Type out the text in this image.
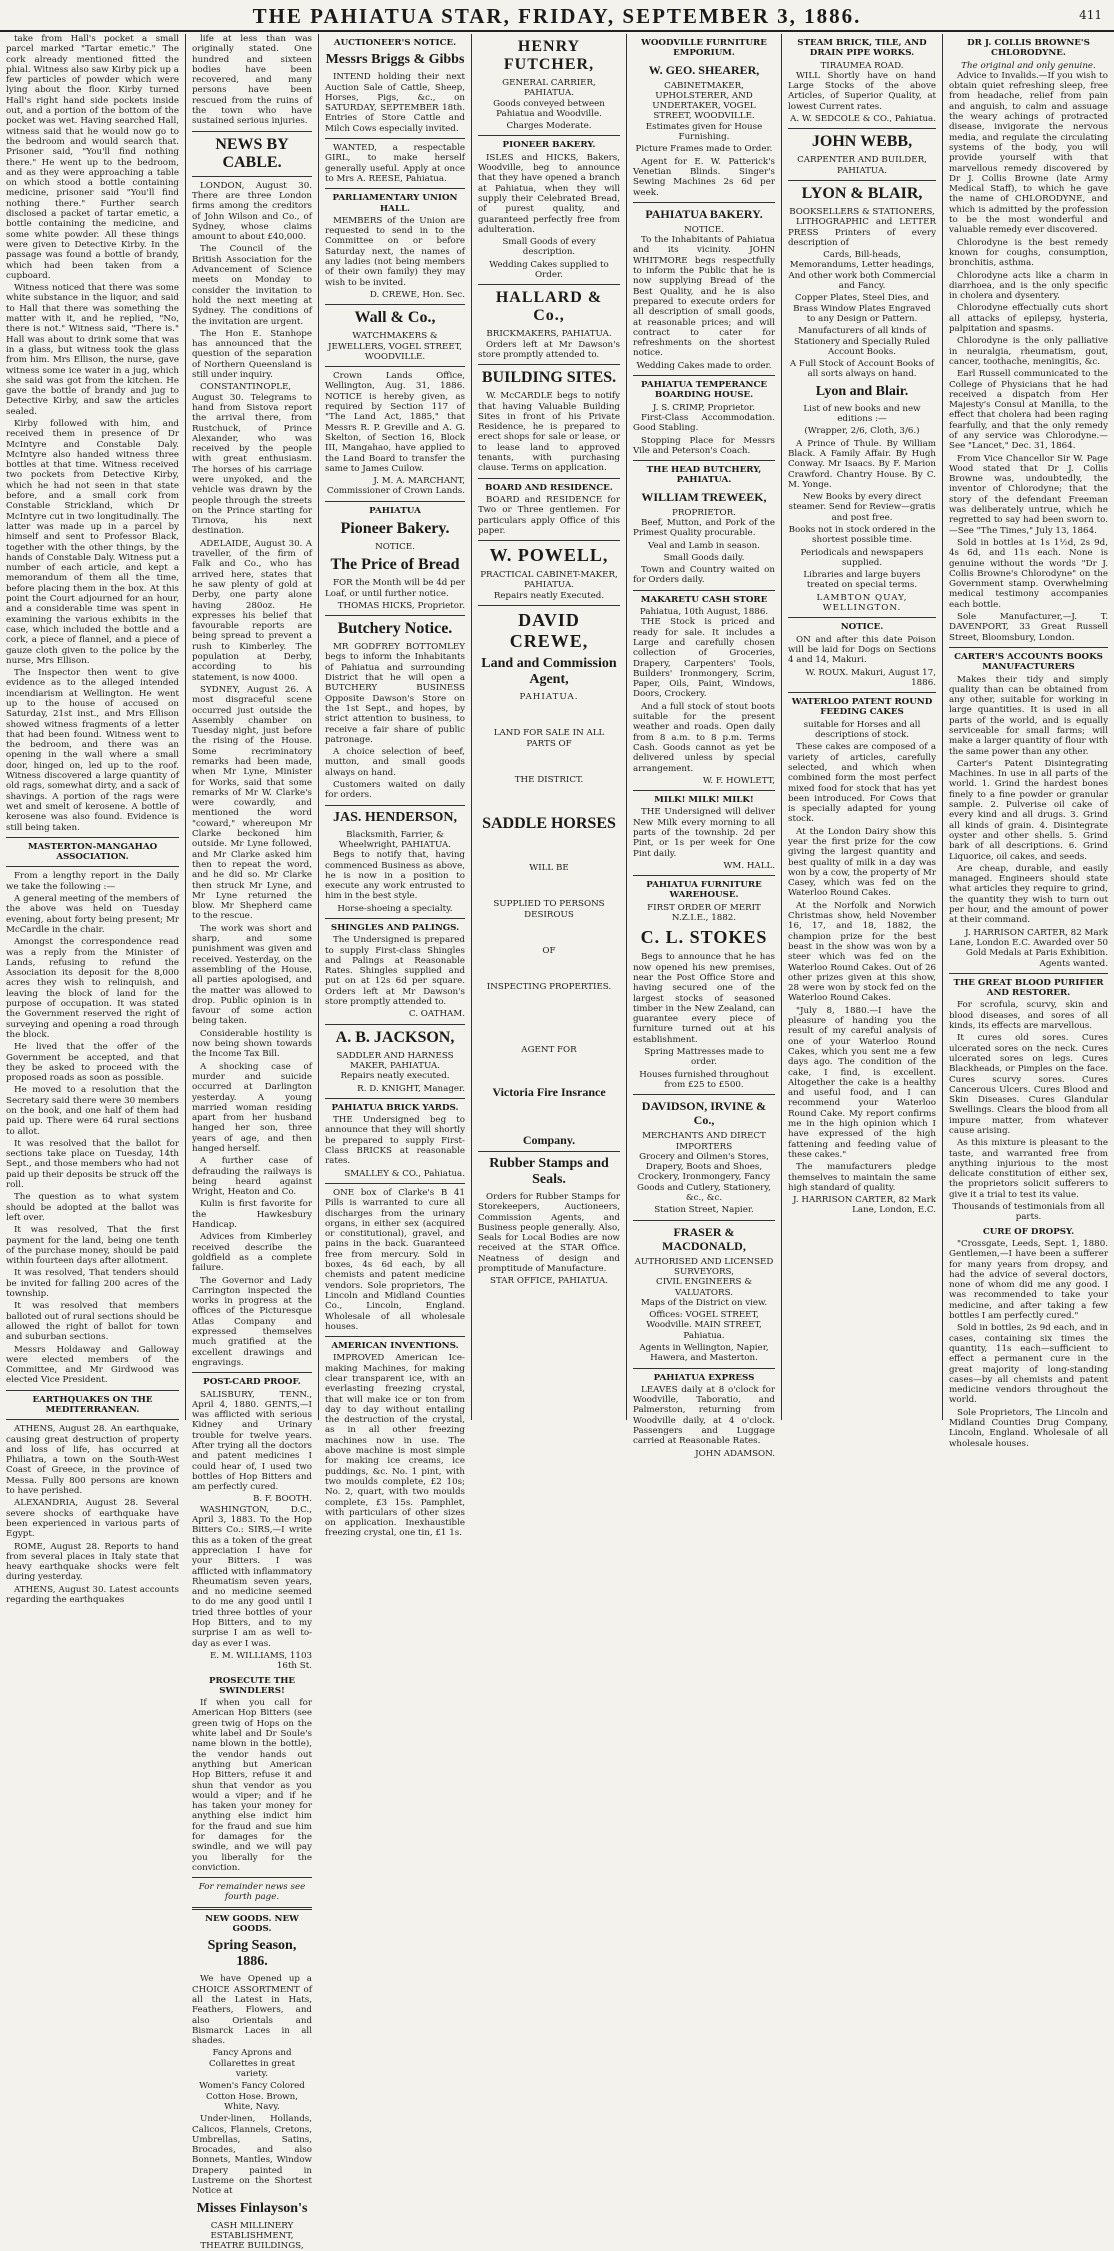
THE PAHIATUA STAR, FRIDAY, SEPTEMBER 3, 1886.	411

take from Hall's pocket a small parcel marked "Tartar emetic." The cork already mentioned fitted the phial. Witness also saw Kirby pick up a few particles of powder which were lying about the floor. Kirby turned Hall's right hand side pockets inside out, and a portion of the bottom of the pocket was wet. Having searched Hall, witness said that he would now go to the bedroom and would search that. Prisoner said, "You'll find nothing there." He went up to the bedroom, and as they were approaching a table on which stood a bottle containing medicine, prisoner said "You'll find nothing there." Further search disclosed a packet of tartar emetic, a bottle containing the medicine, and some white powder. All these things were given to Detective Kirby. In the passage was found a bottle of brandy, which had been taken from a cupboard.

Witness noticed that there was some white substance in the liquor, and said to Hall that there was something the matter with it, and he replied, "No, there is not." Witness said, "There is." Hall was about to drink some that was in a glass, but witness took the glass from him. Mrs Ellison, the nurse, gave witness some ice water in a jug, which she said was got from the kitchen. He gave the bottle of brandy and jug to Detective Kirby, and saw the articles sealed.

Kirby followed with him, and received them in presence of Dr McIntyre and Constable Daly. McIntyre also handed witness three bottles at that time. Witness received two pockets from Detective Kirby, which he had not seen in that state before, and a small cork from Constable Strickland, which Dr McIntyre cut in two longitudinally. The latter was made up in a parcel by himself and sent to Professor Black, together with the other things, by the hands of Constable Daly. Witness put a number of each article, and kept a memorandum of them all the time, before placing them in the box. At this point the Court adjourned for an hour, and a considerable time was spent in examining the various exhibits in the case, which included the bottle and a cork, a piece of flannel, and a piece of gauze cloth given to the police by the nurse, Mrs Ellison.

The Inspector then went to give evidence as to the alleged intended incendiarism at Wellington. He went up to the house of accused on Saturday, 21st inst., and Mrs Ellison showed witness fragments of a letter that had been found. Witness went to the bedroom, and there was an opening in the wall where a small door, hinged on, led up to the roof. Witness discovered a large quantity of old rags, somewhat dirty, and a sack of shavings. A portion of the rags were wet and smelt of kerosene. A bottle of kerosene was also found. Evidence is still being taken.

MASTERTON-MANGAHAO ASSOCIATION.

From a lengthy report in the Daily we take the following :—

A general meeting of the members of the above was held on Tuesday evening, about forty being present; Mr McCardle in the chair.

Amongst the correspondence read was a reply from the Minister of Lands, refusing to refund the Association its deposit for the 8,000 acres they wish to relinquish, and leaving the block of land for the purpose of occupation. It was stated the Government reserved the right of surveying and opening a road through the block.

He lived that the offer of the Government be accepted, and that they be asked to proceed with the proposed roads as soon as possible.

He moved to a resolution that the Secretary said there were 30 members on the book, and one half of them had paid up. There were 64 rural sections to allot.

It was resolved that the ballot for sections take place on Tuesday, 14th Sept., and those members who had not paid up their deposits be struck off the roll.

The question as to what system should be adopted at the ballot was left over.

It was resolved, That the first payment for the land, being one tenth of the purchase money, should be paid within fourteen days after allotment.

It was resolved, That tenders should be invited for falling 200 acres of the township.

It was resolved that members balloted out of rural sections should be allowed the right of ballot for town and suburban sections.

Messrs Holdaway and Galloway were elected members of the Committee, and Mr Girdwood was elected Vice President.

EARTHQUAKES ON THE MEDITERRANEAN.

ATHENS, August 28. An earthquake, causing great destruction of property and loss of life, has occurred at Philiatra, a town on the South-West Coast of Greece, in the province of Messa. Fully 800 persons are known to have perished.

ALEXANDRIA, August 28. Several severe shocks of earthquake have been experienced in various parts of Egypt.

ROME, August 28. Reports to hand from several places in Italy state that heavy earthquake shocks were felt during yesterday.

ATHENS, August 30. Latest accounts regarding the earthquakes

life at less than was originally stated. One hundred and sixteen bodies have been recovered, and many persons have been rescued from the ruins of the town who have sustained serious injuries.

NEWS BY CABLE.

LONDON, August 30. There are three London firms among the creditors of John Wilson and Co., of Sydney, whose claims amount to about £40,000.

The Council of the British Association for the Advancement of Science meets on Monday to consider the invitation to hold the next meeting at Sydney. The conditions of the invitation are urgent.

The Hon E. Stanhope has announced that the question of the separation of Northern Queensland is still under inquiry.

CONSTANTINOPLE, August 30. Telegrams to hand from Sistova report the arrival there, from Rustchuck, of Prince Alexander, who was received by the people with great enthusiasm. The horses of his carriage were unyoked, and the vehicle was drawn by the people through the streets on the Prince starting for Tirnova, his next destination.

ADELAIDE, August 30. A traveller, of the firm of Falk and Co., who has arrived here, states that he saw plenty of gold at Derby, one party alone having 280oz. He expresses his belief that favourable reports are being spread to prevent a rush to Kimberley. The population at Derby, according to his statement, is now 4000.

SYDNEY, August 26. A most disgraceful scene occurred just outside the Assembly chamber on Tuesday night, just before the rising of the House. Some recriminatory remarks had been made, when Mr Lyne, Minister for Works, said that some remarks of Mr W. Clarke's were cowardly, and mentioned the word "coward," whereupon Mr Clarke beckoned him outside. Mr Lyne followed, and Mr Clarke asked him then to repeat the word, and he did so. Mr Clarke then struck Mr Lyne, and Mr Lyne returned the blow. Mr Shepherd came to the rescue.

The work was short and sharp, and some punishment was given and received. Yesterday, on the assembling of the House, all parties apologised, and the matter was allowed to drop. Public opinion is in favour of some action being taken.

Considerable hostility is now being shown towards the Income Tax Bill.

A shocking case of murder and suicide occurred at Darlington yesterday. A young married woman residing apart from her husband hanged her son, three years of age, and then hanged herself.

A further case of defrauding the railways is being heard against Wright, Heaton and Co.

Kulin is first favorite for the Hawkesbury Handicap.

Advices from Kimberley received describe the goldfield as a complete failure.

The Governor and Lady Carrington inspected the works in progress at the offices of the Picturesque Atlas Company and expressed themselves much gratified at the excellent drawings and engravings.

POST-CARD PROOF.

SALISBURY, TENN., April 4, 1880. GENTS,—I was afflicted with serious Kidney and Urinary trouble for twelve years. After trying all the doctors and patent medicines I could hear of, I used two bottles of Hop Bitters and am perfectly cured.

B. F. BOOTH.

WASHINGTON, D.C., April 3, 1883. To the Hop Bitters Co.: SIRS,—I write this as a token of the great appreciation I have for your Bitters. I was afflicted with inflammatory Rheumatism seven years, and no medicine seemed to do me any good until I tried three bottles of your Hop Bitters, and to my surprise I am as well to-day as ever I was.

E. M. WILLIAMS, 1103 16th St.
PROSECUTE THE SWINDLERS!

If when you call for American Hop Bitters (see green twig of Hops on the white label and Dr Soule's name blown in the bottle), the vendor hands out anything but American Hop Bitters, refuse it and shun that vendor as you would a viper; and if he has taken your money for anything else indict him for the fraud and sue him for damages for the swindle, and we will pay you liberally for the conviction.

For remainder news see fourth page.
NEW GOODS. NEW GOODS.
Spring Season, 1886.

We have Opened up a CHOICE ASSORTMENT of all the Latest in Hats, Feathers, Flowers, and also Orientals and Bismarck Laces in all shades.

Fancy Aprons and Collarettes in great variety.

Women's Fancy Colored Cotton Hose. Brown, White, Navy.

Under-linen, Hollands, Calicos, Flannels, Cretons, Umbrellas, Satins, Brocades, and also Bonnets, Mantles, Window Drapery painted in Lustreme on the Shortest Notice at

Misses Finlayson's
CASH MILLINERY ESTABLISHMENT, THEATRE BUILDINGS,
AUCTIONEER'S NOTICE.
Messrs Briggs & Gibbs

INTEND holding their next Auction Sale of Cattle, Sheep, Horses, Pigs, &c., on SATURDAY, SEPTEMBER 18th. Entries of Store Cattle and Milch Cows especially invited.

WANTED, a respectable GIRL, to make herself generally useful. Apply at once to Mrs A. REESE, Pahiatua.

PARLIAMENTARY UNION HALL.

MEMBERS of the Union are requested to send in to the Committee on or before Saturday next, the names of any ladies (not being members of their own family) they may wish to be invited.

D. CREWE, Hon. Sec.
Wall & Co.,
WATCHMAKERS & JEWELLERS, VOGEL STREET, WOODVILLE.

Crown Lands Office, Wellington, Aug. 31, 1886. NOTICE is hereby given, as required by Section 117 of "The Land Act, 1885," that Messrs R. P. Greville and A. G. Skelton, of Section 16, Block III, Mangahao, have applied to the Land Board to transfer the same to James Cuilow.

J. M. A. MARCHANT, Commissioner of Crown Lands.
PAHIATUA
Pioneer Bakery.
NOTICE.
The Price of Bread

FOR the Month will be 4d per Loaf, or until further notice.

THOMAS HICKS, Proprietor.
Butchery Notice.

MR GODFREY BOTTOMLEY begs to inform the Inhabitants of Pahiatua and surrounding District that he will open a BUTCHERY BUSINESS Opposite Dawson's Store on the 1st Sept., and hopes, by strict attention to business, to receive a fair share of public patronage.

A choice selection of beef, mutton, and small goods always on hand.

Customers waited on daily for orders.

JAS. HENDERSON,
Blacksmith, Farrier, & Wheelwright, PAHIATUA.

Begs to notify that, having commenced Business as above, he is now in a position to execute any work entrusted to him in the best style.

Horse-shoeing a specialty.

SHINGLES AND PALINGS.

The Undersigned is prepared to supply First-class Shingles and Palings at Reasonable Rates. Shingles supplied and put on at 12s 6d per square. Orders left at Mr Dawson's store promptly attended to.

C. OATHAM.
A. B. JACKSON,
SADDLER AND HARNESS MAKER, PAHIATUA.

Repairs neatly executed.

R. D. KNIGHT, Manager.
PAHIATUA BRICK YARDS.

THE Undersigned beg to announce that they will shortly be prepared to supply First-Class BRICKS at reasonable rates.

SMALLEY & CO., Pahiatua.

ONE box of Clarke's B 41 Pills is warranted to cure all discharges from the urinary organs, in either sex (acquired or constitutional), gravel, and pains in the back. Guaranteed free from mercury. Sold in boxes, 4s 6d each, by all chemists and patent medicine vendors. Sole proprietors, The Lincoln and Midland Counties Co., Lincoln, England. Wholesale of all wholesale houses.

AMERICAN INVENTIONS.

IMPROVED American Ice-making Machines, for making clear transparent ice, with an everlasting freezing crystal, that will make ice or ton from day to day without entailing the destruction of the crystal, as in all other freezing machines now in use. The above machine is most simple for making ice creams, ice puddings, &c. No. 1 pint, with two moulds complete, £2 10s; No. 2, quart, with two moulds complete, £3 15s. Pamphlet, with particulars of other sizes on application. Inexhaustible freezing crystal, one tin, £1 1s.

HENRY FUTCHER,
GENERAL CARRIER, PAHIATUA.

Goods conveyed between Pahiatua and Woodville.

Charges Moderate.

PIONEER BAKERY.

ISLES and HICKS, Bakers, Woodville, beg to announce that they have opened a branch at Pahiatua, when they will supply their Celebrated Bread, of purest quality, and guaranteed perfectly free from adulteration.

Small Goods of every description.

Wedding Cakes supplied to Order.

HALLARD & Co.,
BRICKMAKERS, PAHIATUA.

Orders left at Mr Dawson's store promptly attended to.

BUILDING SITES.

W. McCARDLE begs to notify that having Valuable Building Sites in front of his Private Residence, he is prepared to erect shops for sale or lease, or to lease land to approved tenants, with purchasing clause. Terms on application.

BOARD AND RESIDENCE.

BOARD and RESIDENCE for Two or Three gentlemen. For particulars apply Office of this paper.

W. POWELL,
PRACTICAL CABINET-MAKER, PAHIATUA.

Repairs neatly Executed.

DAVID CREWE,
Land and Commission Agent,
PAHIATUA.
LAND FOR SALE IN ALL PARTS OF
THE DISTRICT.
SADDLE HORSES
WILL BE
SUPPLIED TO PERSONS DESIROUS
OF
INSPECTING PROPERTIES.
AGENT FOR
Victoria Fire Insrance
Company.
Rubber Stamps and Seals.

Orders for Rubber Stamps for Storekeepers, Auctioneers, Commission Agents, and Business people generally. Also, Seals for Local Bodies are now received at the STAR Office. Neatness of design and promptitude of Manufacture.

STAR OFFICE, PAHIATUA.
WOODVILLE FURNITURE EMPORIUM.
W. GEO. SHEARER,
CABINETMAKER, UPHOLSTERER, AND UNDERTAKER, VOGEL STREET, WOODVILLE.

Estimates given for House Furnishing.

Picture Frames made to Order.

Agent for E. W. Patterick's Venetian Blinds. Singer's Sewing Machines 2s 6d per week.

PAHIATUA BAKERY.
NOTICE.

To the Inhabitants of Pahiatua and its vicinity. JOHN WHITMORE begs respectfully to inform the Public that he is now supplying Bread of the Best Quality, and he is also prepared to execute orders for all description of small goods, at reasonable prices; and will contract to cater for refreshments on the shortest notice.

Wedding Cakes made to order.

PAHIATUA TEMPERANCE BOARDING HOUSE.
J. S. CRIMP, Proprietor.

First-Class Accommodation. Good Stabling.

Stopping Place for Messrs Vile and Peterson's Coach.

THE HEAD BUTCHERY, PAHIATUA.
WILLIAM TREWEEK,
PROPRIETOR.

Beef, Mutton, and Pork of the Primest Quality procurable.

Veal and Lamb in season.

Small Goods daily.

Town and Country waited on for Orders daily.

MAKARETU CASH STORE
Pahiatua, 10th August, 1886.

THE Stock is priced and ready for sale. It includes a Large and carefully chosen collection of Groceries, Drapery, Carpenters' Tools, Builders' Ironmongery, Scrim, Paper, Oils, Paint, Windows, Doors, Crockery.

And a full stock of stout boots suitable for the present weather and roads. Open daily from 8 a.m. to 8 p.m. Terms Cash. Goods cannot as yet be delivered unless by special arrangement.

W. F. HOWLETT,
MILK! MILK! MILK!

THE Undersigned will deliver New Milk every morning to all parts of the township. 2d per Pint, or 1s per week for One Pint daily.

WM. HALL.
PAHIATUA FURNITURE WAREHOUSE.
FIRST ORDER OF MERIT N.Z.I.E., 1882.
C. L. STOKES

Begs to announce that he has now opened his new premises, near the Post Office Store and having secured one of the largest stocks of seasoned timber in the New Zealand, can guarantee every piece of furniture turned out at his establishment.

Spring Mattresses made to order.

Houses furnished throughout from £25 to £500.

DAVIDSON, IRVINE & Co.,
MERCHANTS AND DIRECT IMPORTERS

Grocery and Oilmen's Stores, Drapery, Boots and Shoes, Crockery, Ironmongery, Fancy Goods and Cutlery, Stationery, &c., &c.

Station Street, Napier.

FRASER & MACDONALD,
AUTHORISED AND LICENSED SURVEYORS,
CIVIL ENGINEERS & VALUATORS.

Maps of the District on view.

Offices: VOGEL STREET, Woodville. MAIN STREET, Pahiatua.

Agents in Wellington, Napier, Hawera, and Masterton.

PAHIATUA EXPRESS

LEAVES daily at 8 o'clock for Woodville, Taboratio, and Palmerston, returning from Woodville daily, at 4 o'clock. Passengers and Luggage carried at Reasonable Rates.

JOHN ADAMSON.
STEAM BRICK, TILE, AND DRAIN PIPE WORKS.
TIRAUMEA ROAD.

WILL Shortly have on hand Large Stocks of the above Articles, of Superior Quality, at lowest Current rates.

A. W. SEDCOLE & CO., Pahiatua.
JOHN WEBB,
CARPENTER AND BUILDER, PAHIATUA.
LYON & BLAIR,
BOOKSELLERS & STATIONERS,

LITHOGRAPHIC and LETTER PRESS Printers of every description of

Cards, Bill-heads, Memorandums, Letter headings, And other work both Commercial and Fancy.

Copper Plates, Steel Dies, and Brass Window Plates Engraved to any Design or Pattern.

Manufacturers of all kinds of Stationery and Specially Ruled Account Books.

A Full Stock of Account Books of all sorts always on hand.

Lyon and Blair.

List of new books and new editions :—

(Wrapper, 2/6, Cloth, 3/6.)

A Prince of Thule. By William Black. A Family Affair. By Hugh Conway. Mr Isaacs. By F. Marion Crawford. Chantry House. By C. M. Yonge.

New Books by every direct steamer. Send for Review—gratis and post free.

Books not in stock ordered in the shortest possible time.

Periodicals and newspapers supplied.

Libraries and large buyers treated on special terms.

LAMBTON QUAY, WELLINGTON.
NOTICE.

ON and after this date Poison will be laid for Dogs on Sections 4 and 14, Makuri.

W. ROUX. Makuri, August 17, 1886.
WATERLOO PATENT ROUND FEEDING CAKES

suitable for Horses and all descriptions of stock.

These cakes are composed of a variety of articles, carefully selected, and which when combined form the most perfect mixed food for stock that has yet been introduced. For Cows that is specially adapted for young stock.

At the London Dairy show this year the first prize for the cow giving the largest quantity and best quality of milk in a day was won by a cow, the property of Mr Casey, which was fed on the Waterloo Round Cakes.

At the Norfolk and Norwich Christmas show, held November 16, 17, and 18, 1882, the champion prize for the best beast in the show was won by a steer which was fed on the Waterloo Round Cakes. Out of 26 other prizes given at this show, 28 were won by stock fed on the Waterloo Round Cakes.

"July 8, 1880.—I have the pleasure of handing you the result of my careful analysis of one of your Waterloo Round Cakes, which you sent me a few days ago. The condition of the cake, I find, is excellent. Altogether the cake is a healthy and useful food, and I can recommend your Waterloo Round Cake. My report confirms me in the high opinion which I have expressed of the high fattening and feeding value of these cakes."

The manufacturers pledge themselves to maintain the same high standard of quality.

J. HARRISON CARTER, 82 Mark Lane, London, E.C.
DR J. COLLIS BROWNE'S CHLORODYNE.
The original and only genuine.

Advice to Invalids.—If you wish to obtain quiet refreshing sleep, free from headache, relief from pain and anguish, to calm and assuage the weary achings of protracted disease, invigorate the nervous media, and regulate the circulating systems of the body, you will provide yourself with that marvellous remedy discovered by Dr J. Collis Browne (late Army Medical Staff), to which he gave the name of CHLORODYNE, and which is admitted by the profession to be the most wonderful and valuable remedy ever discovered.

Chlorodyne is the best remedy known for coughs, consumption, bronchitis, asthma.

Chlorodyne acts like a charm in diarrhoea, and is the only specific in cholera and dysentery.

Chlorodyne effectually cuts short all attacks of epilepsy, hysteria, palpitation and spasms.

Chlorodyne is the only palliative in neuralgia, rheumatism, gout, cancer, toothache, meningitis, &c.

Earl Russell communicated to the College of Physicians that he had received a dispatch from Her Majesty's Consul at Manilla, to the effect that cholera had been raging fearfully, and that the only remedy of any service was Chlorodyne.—See "Lancet," Dec. 31, 1864.

From Vice Chancellor Sir W. Page Wood stated that Dr J. Collis Browne was, undoubtedly, the inventor of Chlorodyne; that the story of the defendant Freeman was deliberately untrue, which he regretted to say had been sworn to.—See "The Times," July 13, 1864.

Sold in bottles at 1s 1½d, 2s 9d, 4s 6d, and 11s each. None is genuine without the words "Dr J. Collis Browne's Chlorodyne" on the Government stamp. Overwhelming medical testimony accompanies each bottle.

Sole Manufacturer,—J. T. DAVENPORT, 33 Great Russell Street, Bloomsbury, London.

CARTER'S ACCOUNTS BOOKS MANUFACTURERS

Makes their tidy and simply quality than can be obtained from any other, suitable for working in large quantities. It is used in all parts of the world, and is equally serviceable for small farms; will make a larger quantity of flour with the same power than any other.

Carter's Patent Disintegrating Machines. In use in all parts of the world. 1. Grind the hardest bones finely to a fine powder or granular sample. 2. Pulverise oil cake of every kind and all drugs. 3. Grind all kinds of grain. 4. Disintegrate oyster and other shells. 5. Grind bark of all descriptions. 6. Grind Liquorice, oil cakes, and seeds.

Are cheap, durable, and easily managed. Engineers should state what articles they require to grind, the quantity they wish to turn out per hour, and the amount of power at their command.

J. HARRISON CARTER, 82 Mark Lane, London E.C. Awarded over 50 Gold Medals at Paris Exhibition. Agents wanted.
THE GREAT BLOOD PURIFIER AND RESTORER.

For scrofula, scurvy, skin and blood diseases, and sores of all kinds, its effects are marvellous.

It cures old sores. Cures ulcerated sores on the neck. Cures ulcerated sores on legs. Cures Blackheads, or Pimples on the face. Cures scurvy sores. Cures Cancerous Ulcers. Cures Blood and Skin Diseases. Cures Glandular Swellings. Clears the blood from all impure matter, from whatever cause arising.

As this mixture is pleasant to the taste, and warranted free from anything injurious to the most delicate constitution of either sex, the proprietors solicit sufferers to give it a trial to test its value.

Thousands of testimonials from all parts.

CURE OF DROPSY.

"Crossgate, Leeds, Sept. 1, 1880. Gentlemen,—I have been a sufferer for many years from dropsy, and had the advice of several doctors, none of whom did me any good. I was recommended to take your medicine, and after taking a few bottles I am perfectly cured."

Sold in bottles, 2s 9d each, and in cases, containing six times the quantity, 11s each—sufficient to effect a permanent cure in the great majority of long-standing cases—by all chemists and patent medicine vendors throughout the world.

Sole Proprietors, The Lincoln and Midland Counties Drug Company, Lincoln, England. Wholesale of all wholesale houses.
